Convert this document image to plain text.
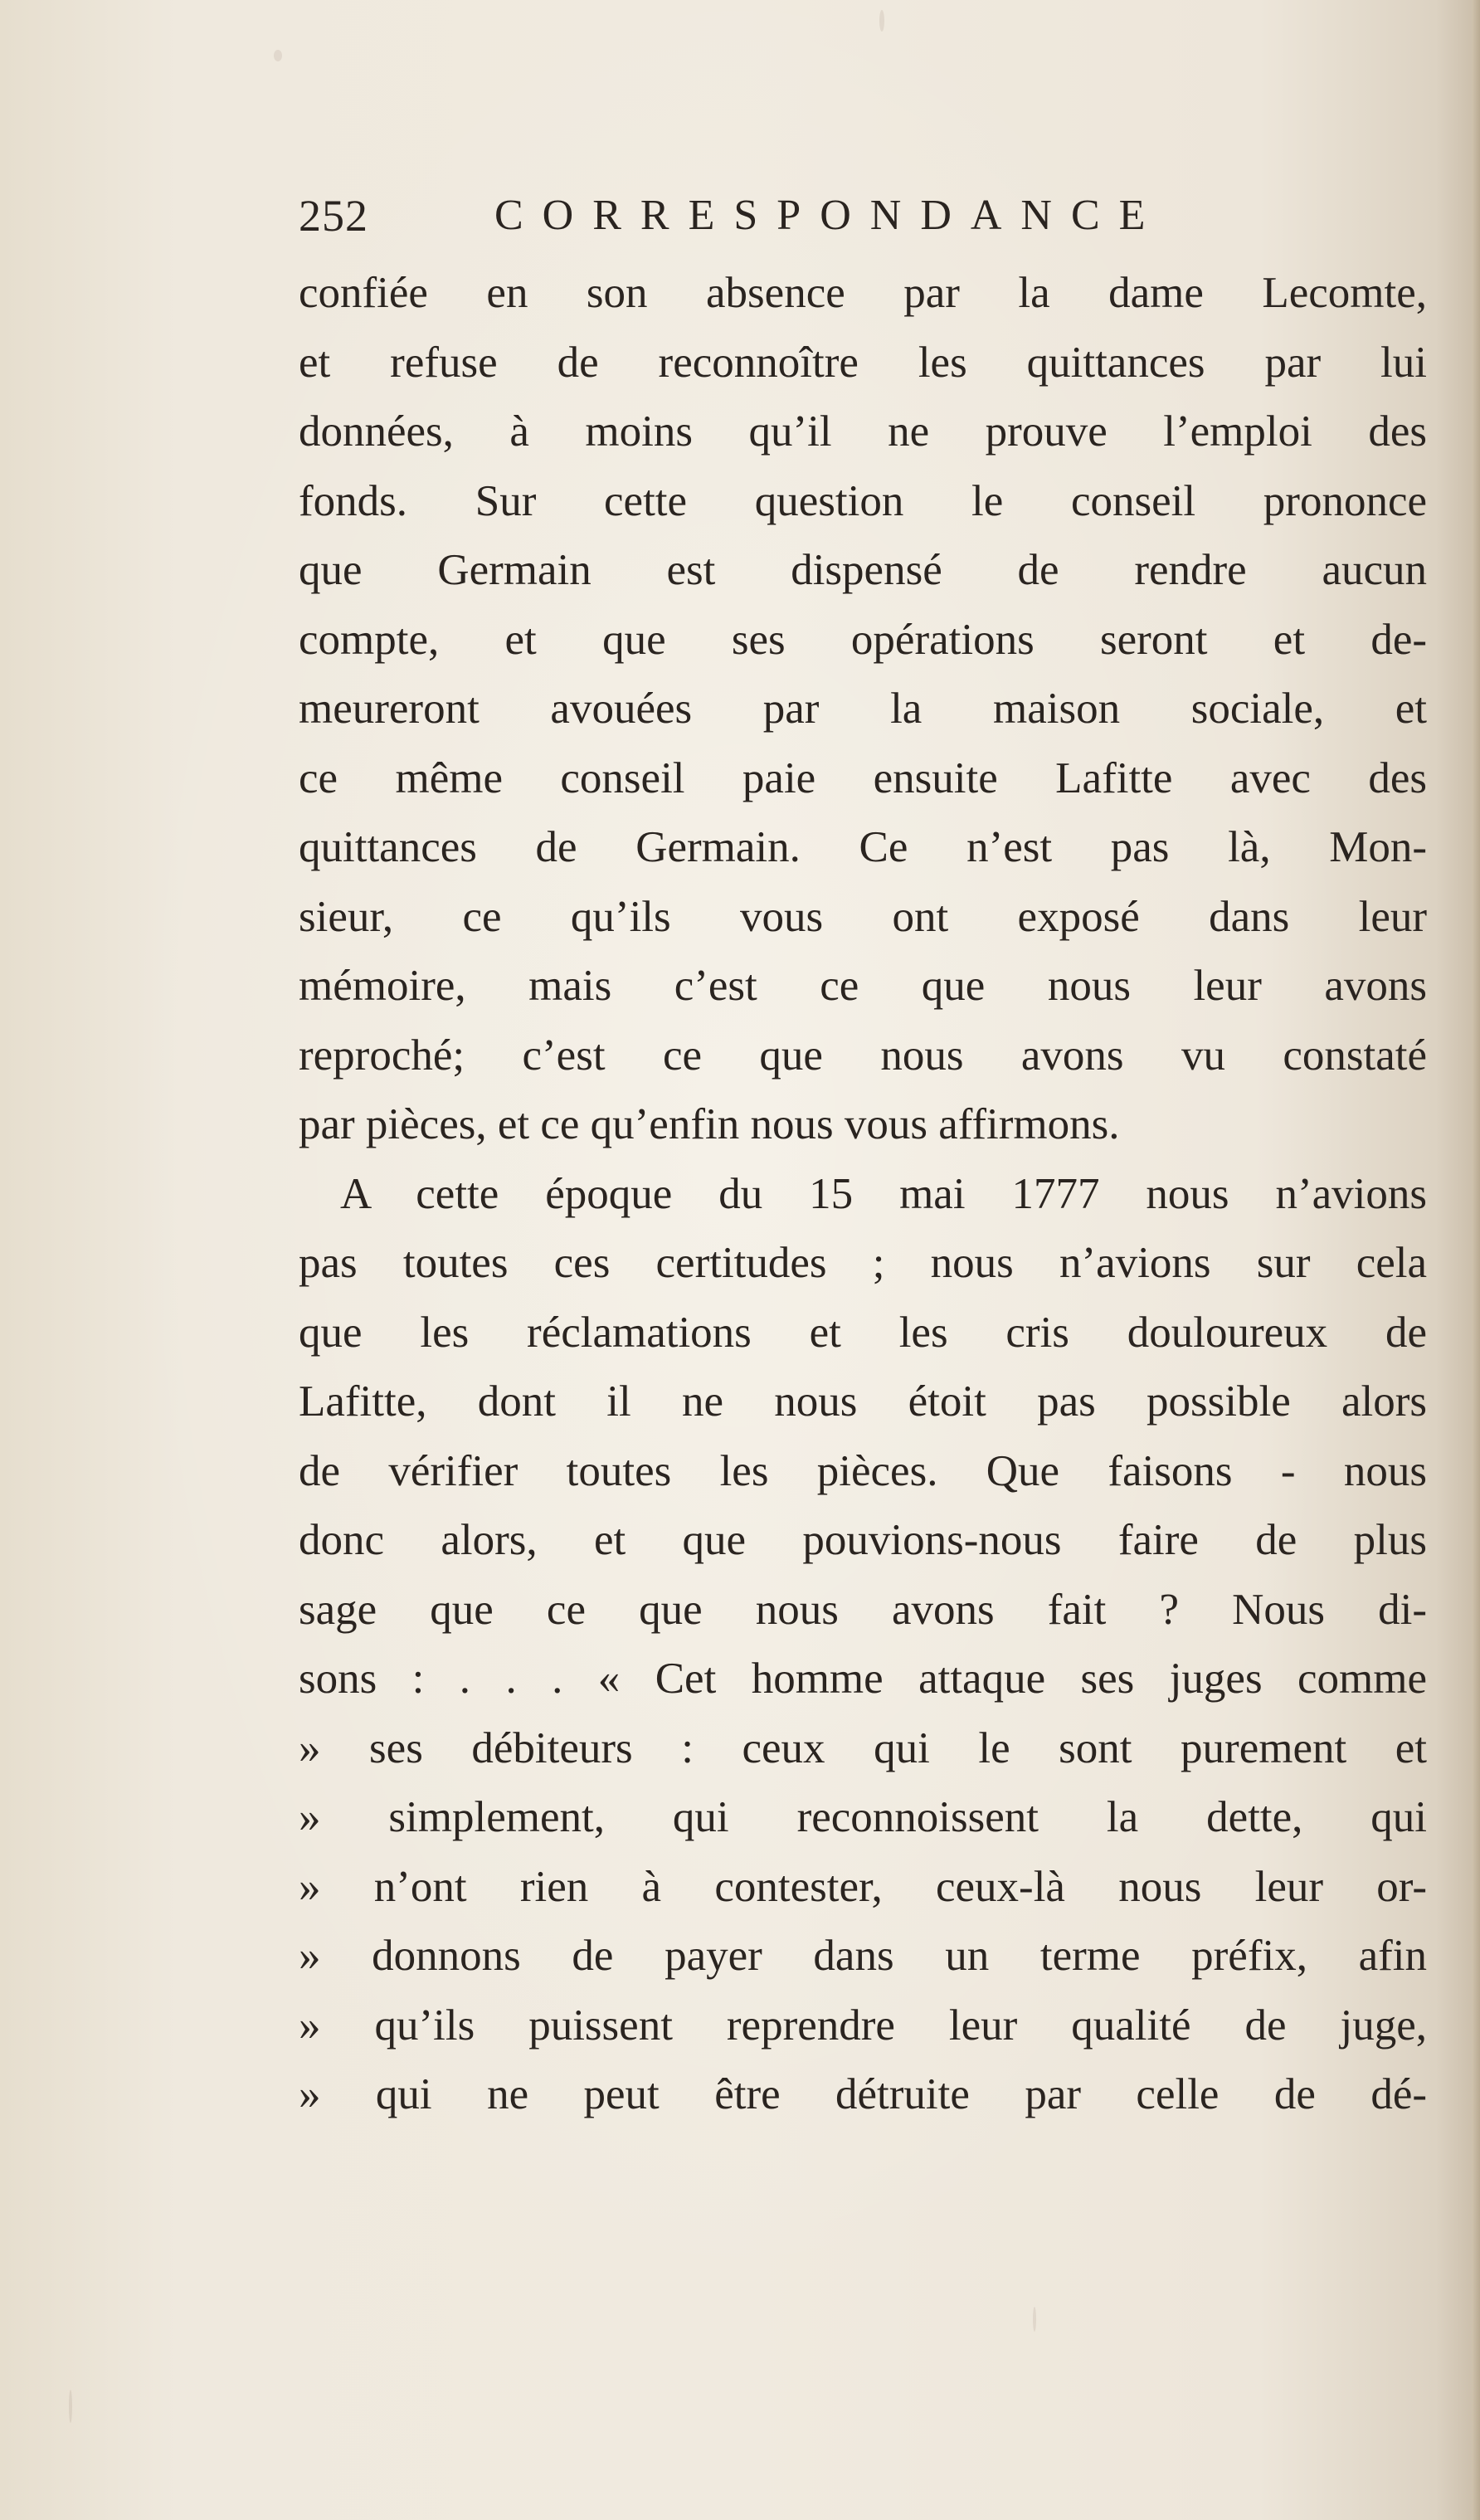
252	CORRESPONDANCE
confiée en son absence par la dame Lecomte,
et refuse de reconnoître les quittances par lui
données, à moins qu’il ne prouve l’emploi des
fonds. Sur cette question le conseil prononce
que Germain est dispensé de rendre aucun
compte, et que ses opérations seront et de-
meureront avouées par la maison sociale, et
ce même conseil paie ensuite Lafitte avec des
quittances de Germain. Ce n’est pas là, Mon-
sieur, ce qu’ils vous ont exposé dans leur
mémoire, mais c’est ce que nous leur avons
reproché; c’est ce que nous avons vu constaté
par pièces, et ce qu’enfin nous vous affirmons.
A cette époque du 15 mai 1777 nous n’avions
pas toutes ces certitudes ; nous n’avions sur cela
que les réclamations et les cris douloureux de
Lafitte, dont il ne nous étoit pas possible alors
de vérifier toutes les pièces. Que faisons - nous
donc alors, et que pouvions-nous faire de plus
sage que ce que nous avons fait ? Nous di-
sons : . . . « Cet homme attaque ses juges comme
» ses débiteurs : ceux qui le sont purement et
» simplement, qui reconnoissent la dette, qui
» n’ont rien à contester, ceux-là nous leur or-
» donnons de payer dans un terme préfix, afin
» qu’ils puissent reprendre leur qualité de juge,
» qui ne peut être détruite par celle de dé-
